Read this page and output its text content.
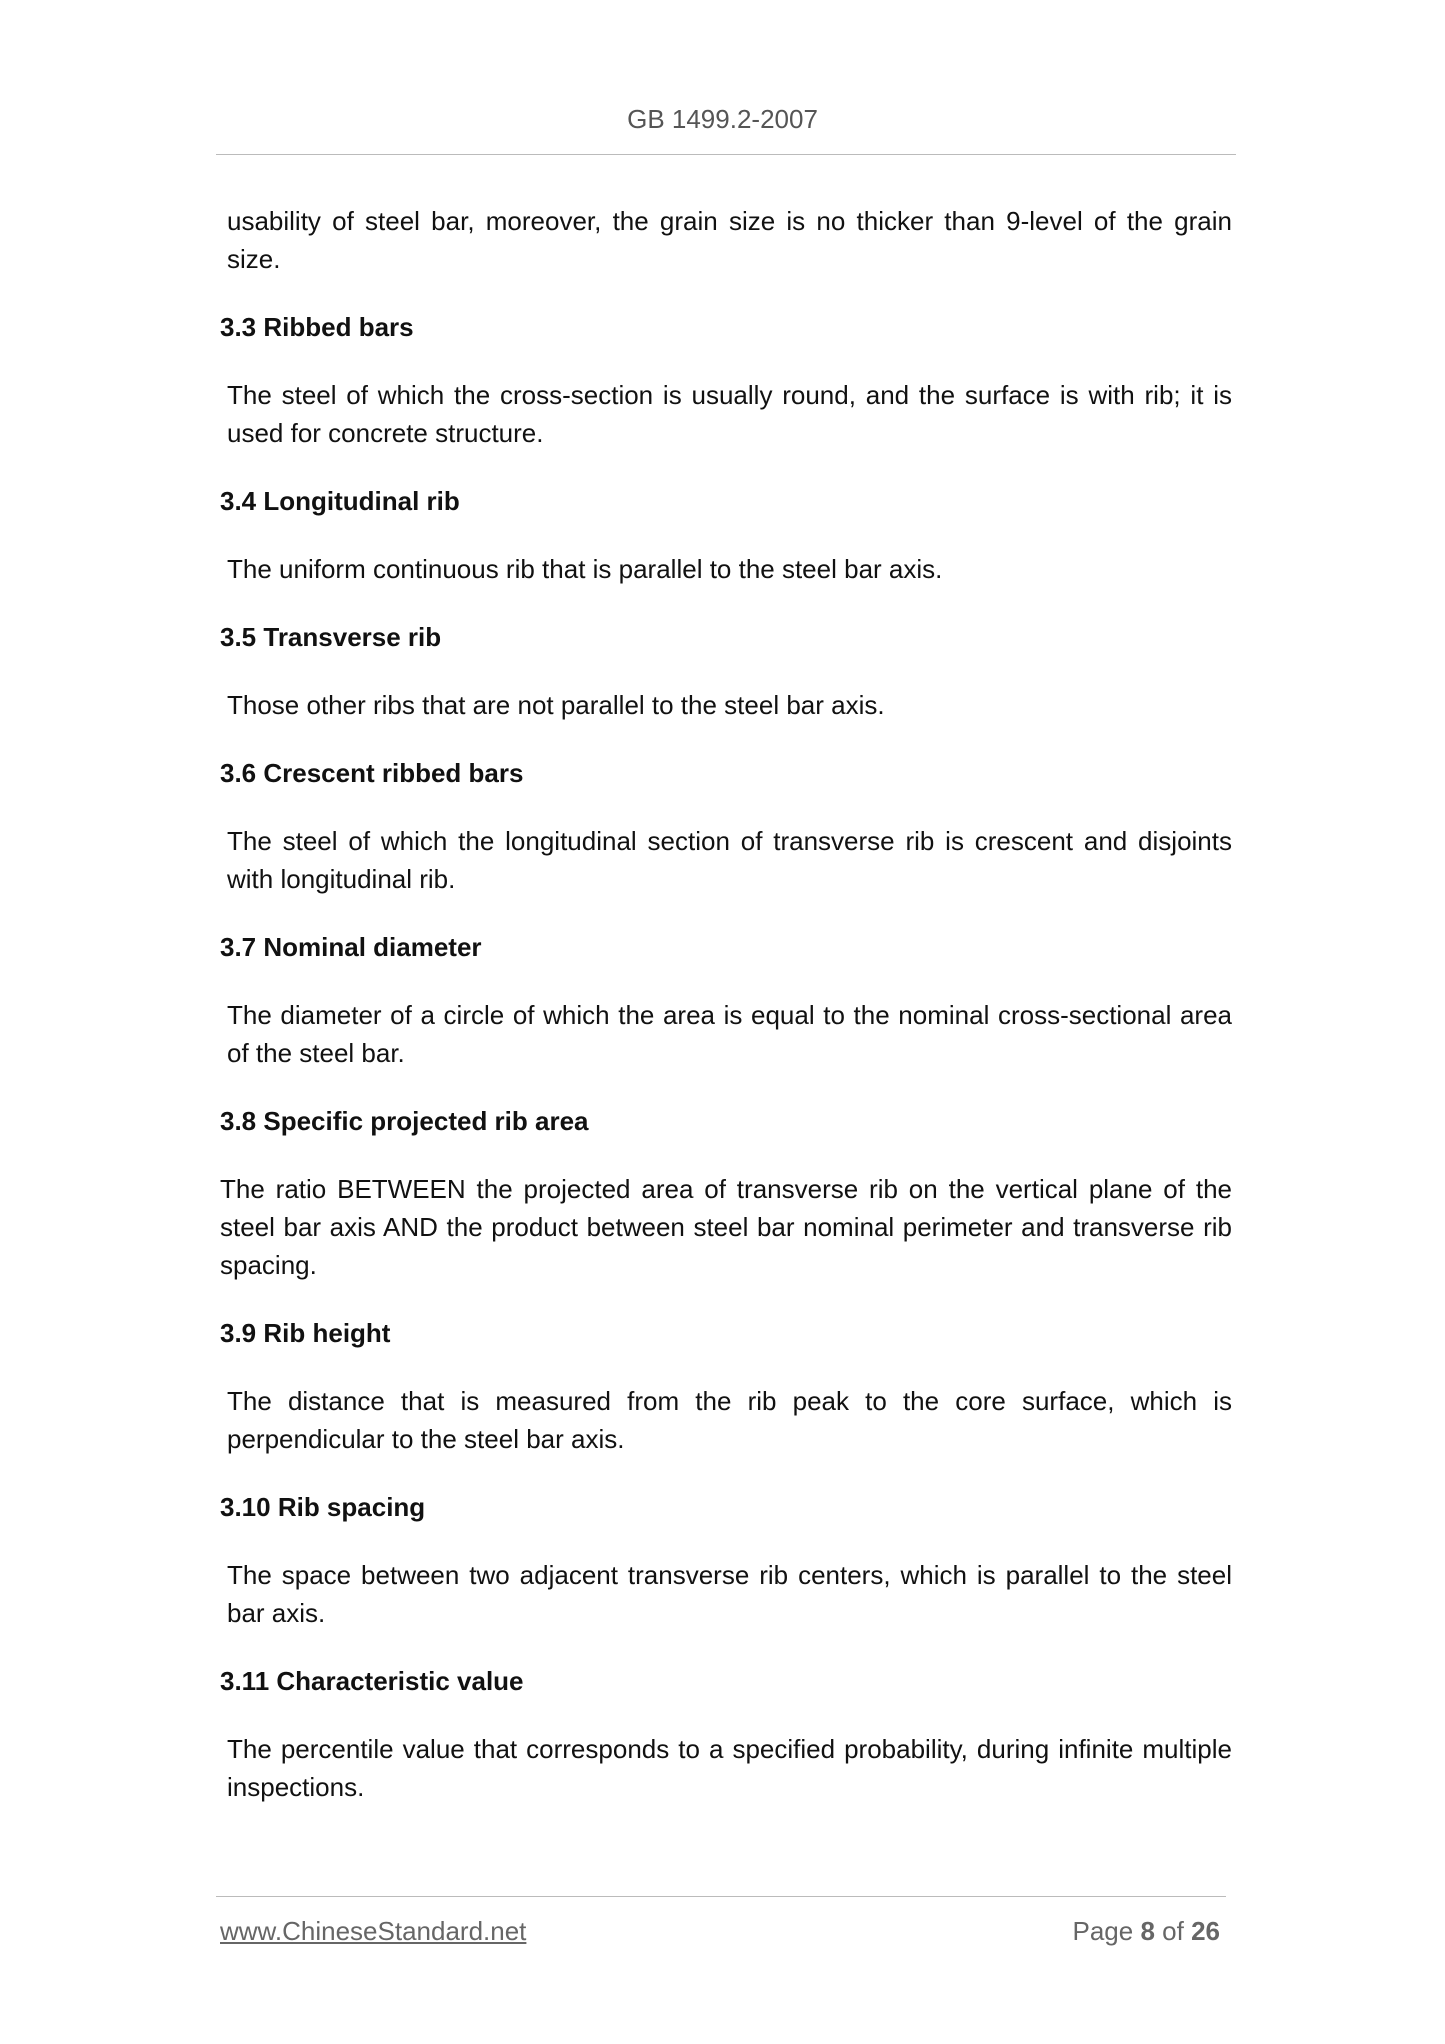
GB 1499.2-2007

usability of steel bar, moreover, the grain size is no thicker than 9-level of the grain size.

3.3 Ribbed bars

The steel of which the cross-section is usually round, and the surface is with rib; it is used for concrete structure.

3.4 Longitudinal rib

The uniform continuous rib that is parallel to the steel bar axis.

3.5 Transverse rib

Those other ribs that are not parallel to the steel bar axis.

3.6 Crescent ribbed bars

The steel of which the longitudinal section of transverse rib is crescent and disjoints with longitudinal rib.

3.7 Nominal diameter

The diameter of a circle of which the area is equal to the nominal cross-sectional area of the steel bar.

3.8 Specific projected rib area

The ratio BETWEEN the projected area of transverse rib on the vertical plane of the steel bar axis AND the product between steel bar nominal perimeter and transverse rib spacing.

3.9 Rib height

The distance that is measured from the rib peak to the core surface, which is perpendicular to the steel bar axis.

3.10 Rib spacing

The space between two adjacent transverse rib centers, which is parallel to the steel bar axis.

3.11 Characteristic value

The percentile value that corresponds to a specified probability, during infinite multiple inspections.

www.ChineseStandard.net	Page 8 of 26
